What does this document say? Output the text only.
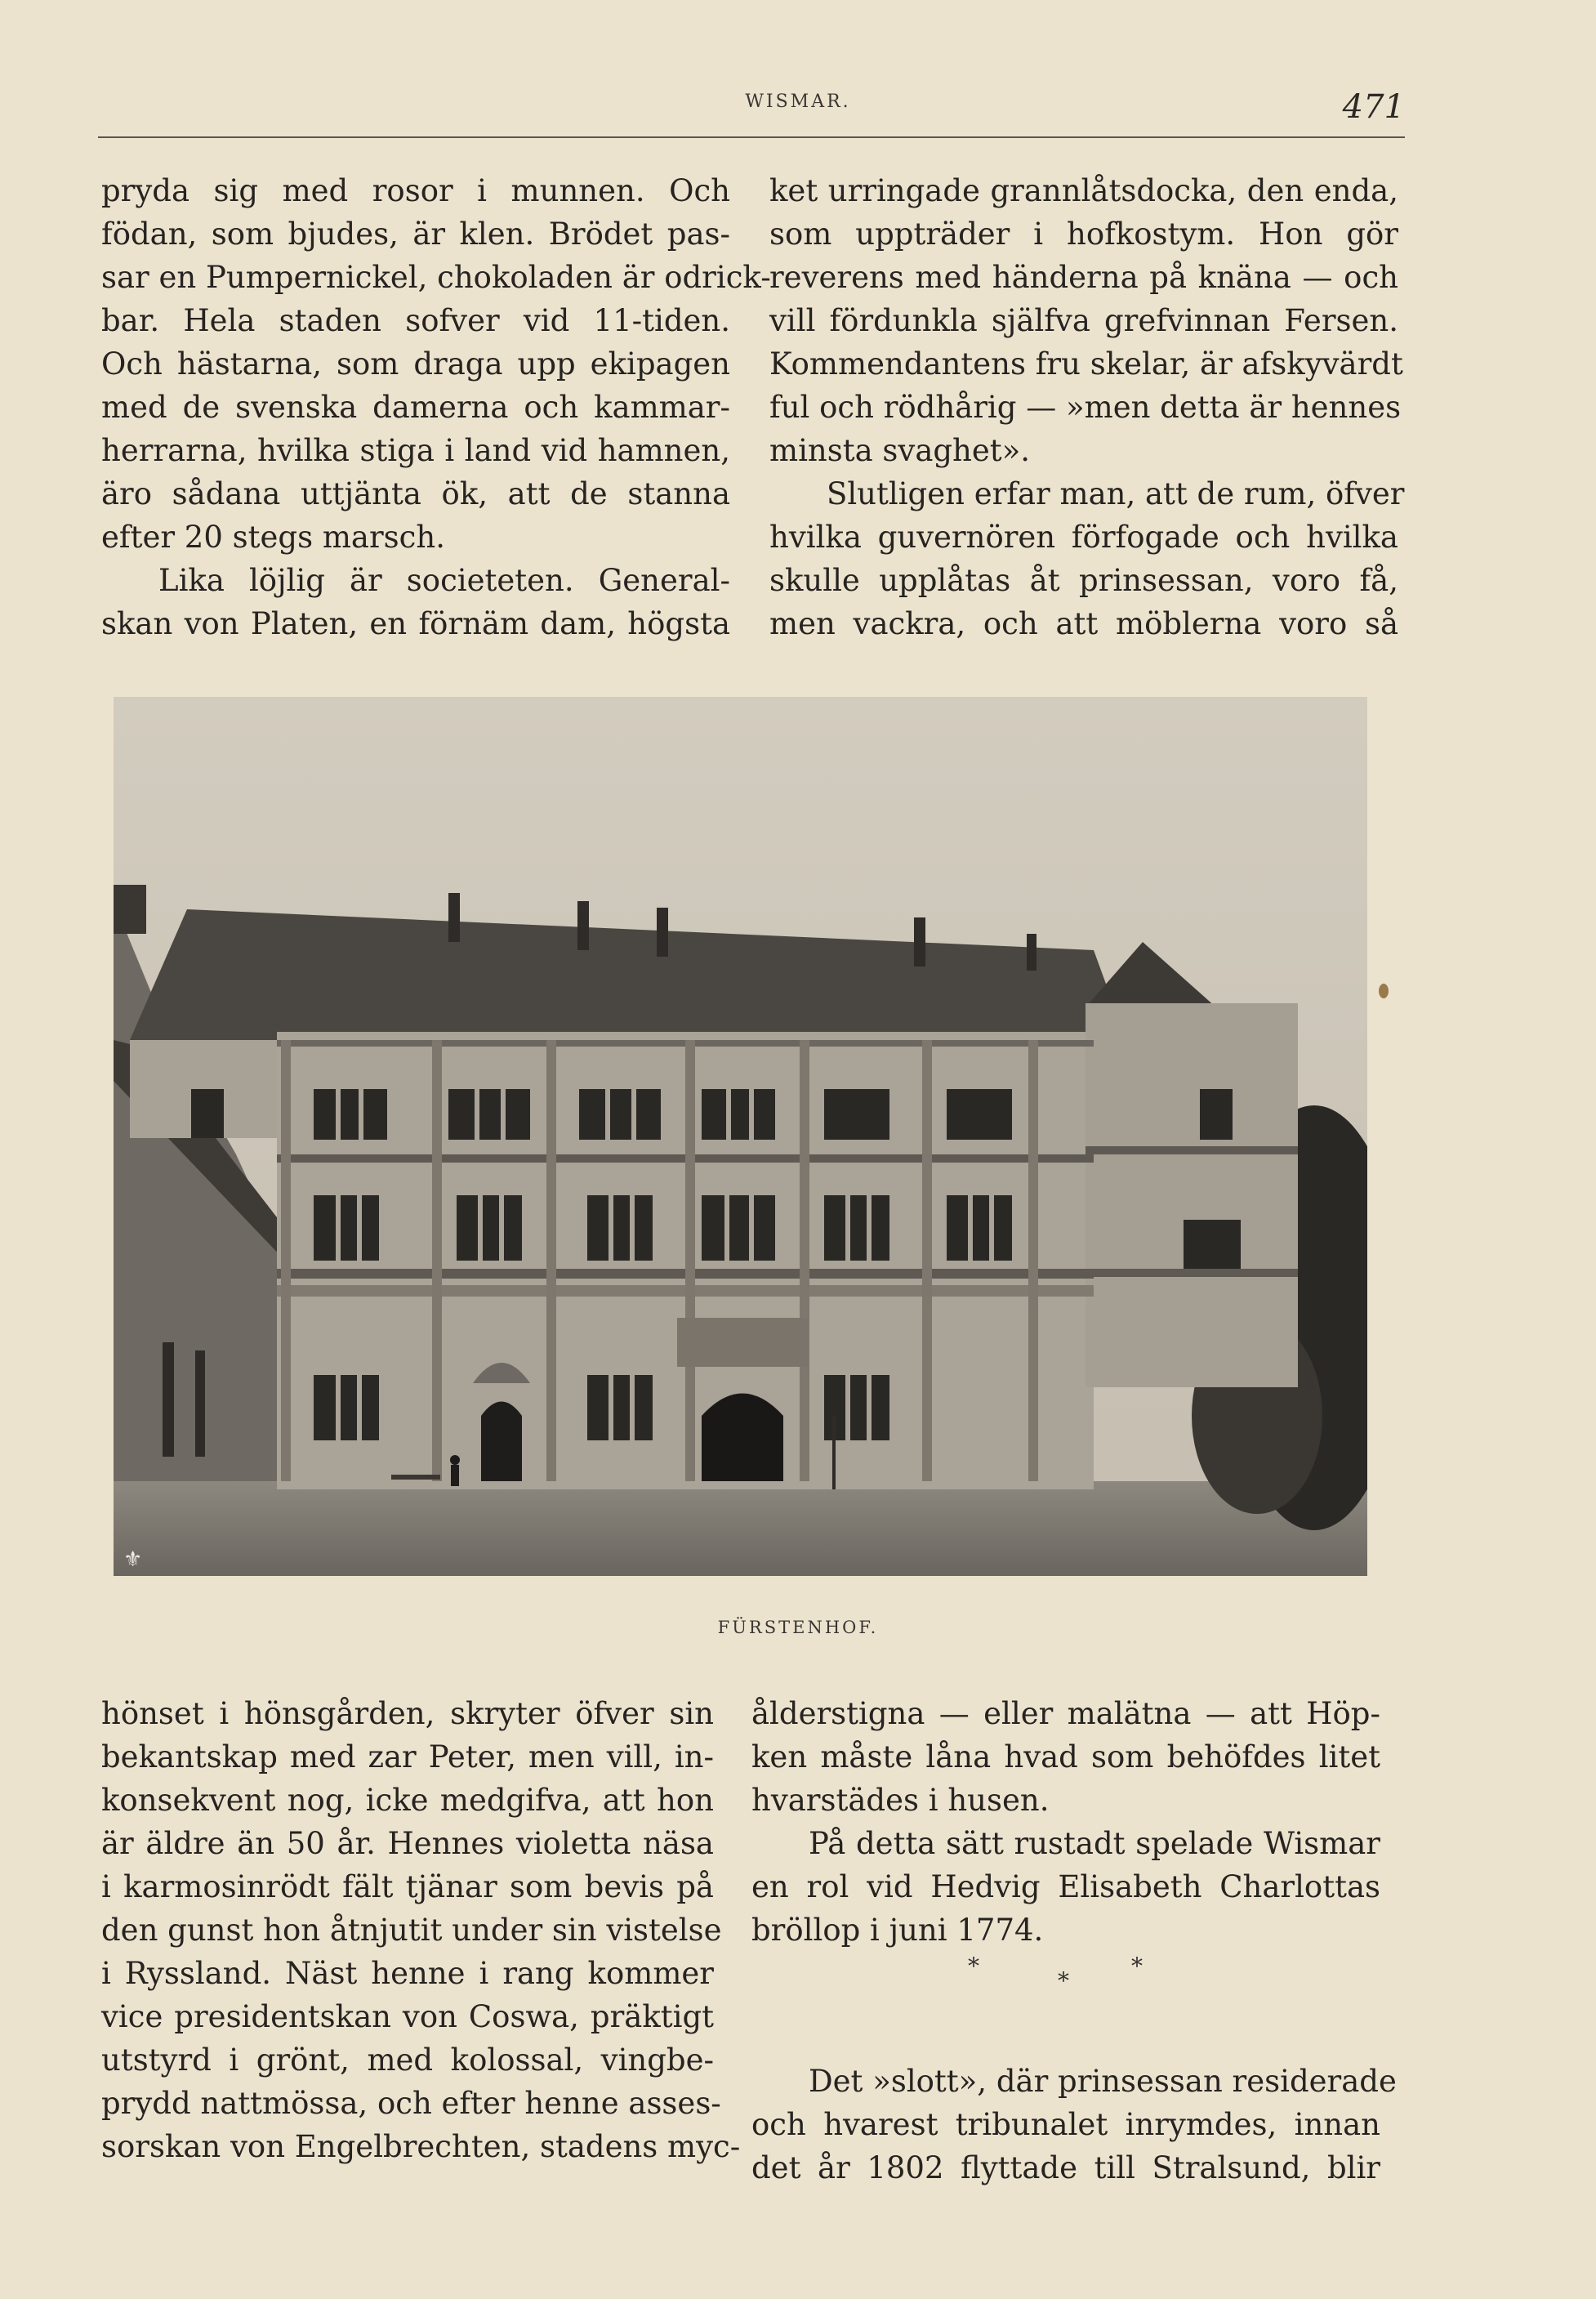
WISMAR.	471

pryda sig med rosor i munnen. Och
födan, som bjudes, är klen. Brödet pas-
sar en Pumpernickel, chokoladen är odrick-
bar. Hela staden sofver vid 11-tiden.
Och hästarna, som draga upp ekipagen
med de svenska damerna och kammar-
herrarna, hvilka stiga i land vid hamnen,
äro sådana uttjänta ök, att de stanna
efter 20 stegs marsch.

Lika löjlig är societeten. General-
skan von Platen, en förnäm dam, högsta

ket urringade grannlåtsdocka, den enda,
som uppträder i hofkostym. Hon gör
reverens med händerna på knäna — och
vill fördunkla själfva grefvinnan Fersen.
Kommendantens fru skelar, är afskyvärdt
ful och rödhårig — »men detta är hennes
minsta svaghet».

Slutligen erfar man, att de rum, öfver
hvilka guvernören förfogade och hvilka
skulle upplåtas åt prinsessan, voro få,
men vackra, och att möblerna voro så

⚜
FÜRSTENHOF.

hönset i hönsgården, skryter öfver sin
bekantskap med zar Peter, men vill, in-
konsekvent nog, icke medgifva, att hon
är äldre än 50 år. Hennes violetta näsa
i karmosinrödt fält tjänar som bevis på
den gunst hon åtnjutit under sin vistelse
i Ryssland. Näst henne i rang kommer
vice presidentskan von Coswa, präktigt
utstyrd i grönt, med kolossal, vingbe-
prydd nattmössa, och efter henne asses-
sorskan von Engelbrechten, stadens myc-

ålderstigna — eller malätna — att Höp-
ken måste låna hvad som behöfdes litet
hvarstädes i husen.

På detta sätt rustadt spelade Wismar
en rol vid Hedvig Elisabeth Charlottas
bröllop i juni 1774.

Det »slott», där prinsessan residerade
och hvarest tribunalet inrymdes, innan
det år 1802 flyttade till Stralsund, blir

*
*
*
